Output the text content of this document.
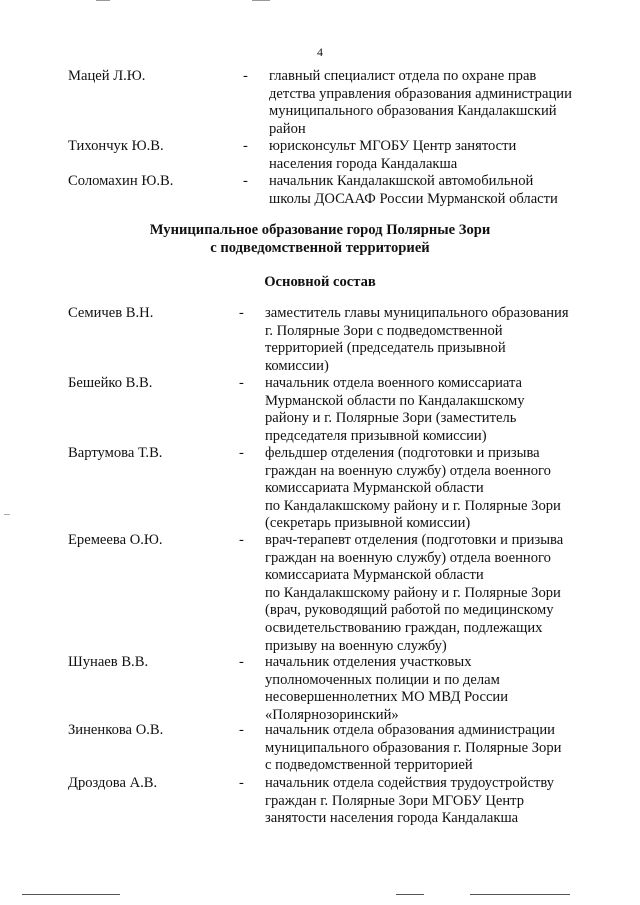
4
Мацей Л.Ю.	- главный специалист отдела по охране прав
детства управления образования администрации
муниципального образования Кандалакшский
район
Тихончук Ю.В.	- юрисконсульт МГОБУ Центр занятости
населения города Кандалакша
Соломахин Ю.В.	- начальник Кандалакшской автомобильной
школы ДОСААФ России Мурманской области
Муниципальное образование город Полярные Зори
с подведомственной территорией
Основной состав
Семичев В.Н.	- заместитель главы муниципального образования
г. Полярные Зори с подведомственной
территорией (председатель призывной
комиссии)
Бешейко В.В.	- начальник отдела военного комиссариата
Мурманской области по Кандалакшскому
району и г. Полярные Зори (заместитель
председателя призывной комиссии)
Вартумова Т.В.	- фельдшер отделения (подготовки и призыва
граждан на военную службу) отдела военного
комиссариата Мурманской области
по Кандалакшскому району и г. Полярные Зори
(секретарь призывной комиссии)
Еремеева О.Ю.	- врач-терапевт отделения (подготовки и призыва
граждан на военную службу) отдела военного
комиссариата Мурманской области
по Кандалакшскому району и г. Полярные Зори
(врач, руководящий работой по медицинскому
освидетельствованию граждан, подлежащих
призыву на военную службу)
Шунаев В.В.	- начальник отделения участковых
уполномоченных полиции и по делам
несовершеннолетних МО МВД России
«Полярнозоринский»
Зиненкова О.В.	- начальник отдела образования администрации
муниципального образования г. Полярные Зори
с подведомственной территорией
Дроздова А.В.	- начальник отдела содействия трудоустройству
граждан г. Полярные Зори МГОБУ Центр
занятости населения города Кандалакша
